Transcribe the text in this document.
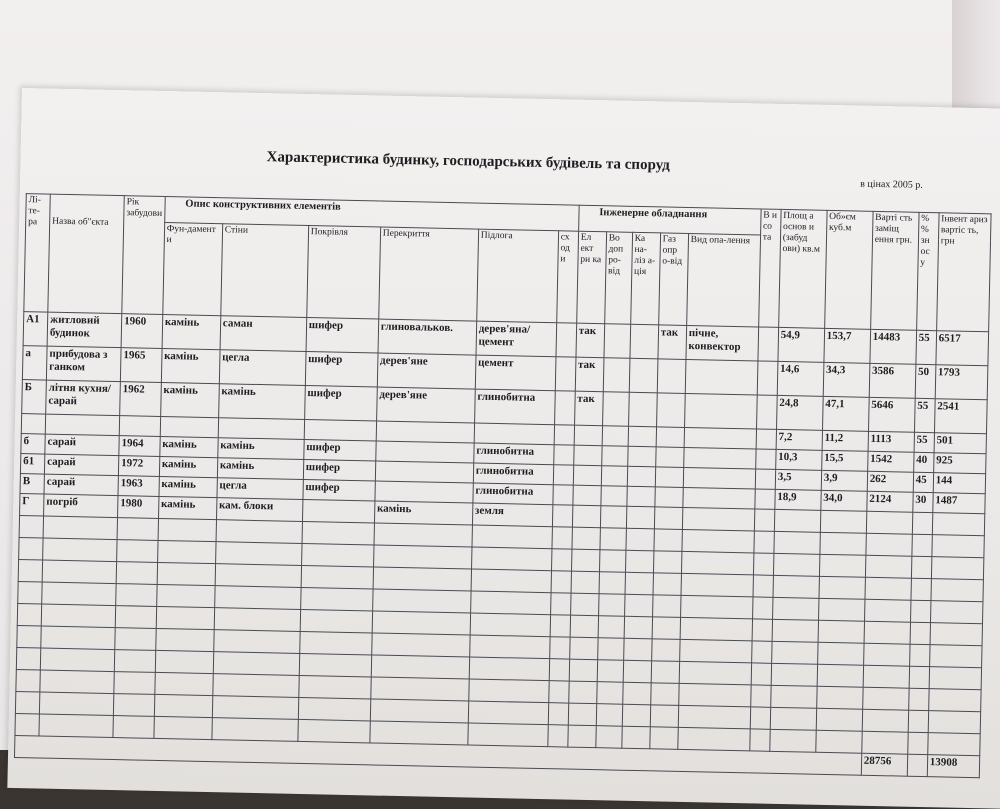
Характеристика будинку, господарських будівель та споруд
в цінах 2005 р.
Лі-те-ра	Назва об"єкта	Рік забудови	Опис конструктивних елементів						Інженерне обладнання					В и со та	Площ а основ и (забуд ови) кв.м	Об»єм куб.м	Варті сть заміщ ення грн.	% % зн ос у	Інвент ариз вартіс ть, грн
			Фун-дамент и	Стіни	Покрівля	Перекриття	Підлога	сх од и	Ел ект ри ка	Во доп ро-від	Ка на-ліз а-ція	Газ опр о-від	Вид опа-лення						
А1	житловий будинок	1960	камінь	саман	шифер	глиновальков.	дерев'яна/ цемент		так			так	пічне, конвектор		54,9	153,7	14483	55	6517
а	прибудова з ганком	1965	камінь	цегла	шифер	дерев'яне	цемент		так						14,6	34,3	3586	50	1793
Б	літня кухня/сарай	1962	камінь	камінь	шифер	дерев'яне	глинобитна		так						24,8	47,1	5646	55	2541
															7,2	11,2	1113	55	501
б	сарай	1964	камінь	камінь	шифер		глинобитна								10,3	15,5	1542	40	925
б1	сарай	1972	камінь	камінь	шифер		глинобитна								3,5	3,9	262	45	144
В	сарай	1963	камінь	цегла	шифер		глинобитна								18,9	34,0	2124	30	1487
Г	погріб	1980	камінь	кам. блоки		камінь	земля												

																	28756		13908
